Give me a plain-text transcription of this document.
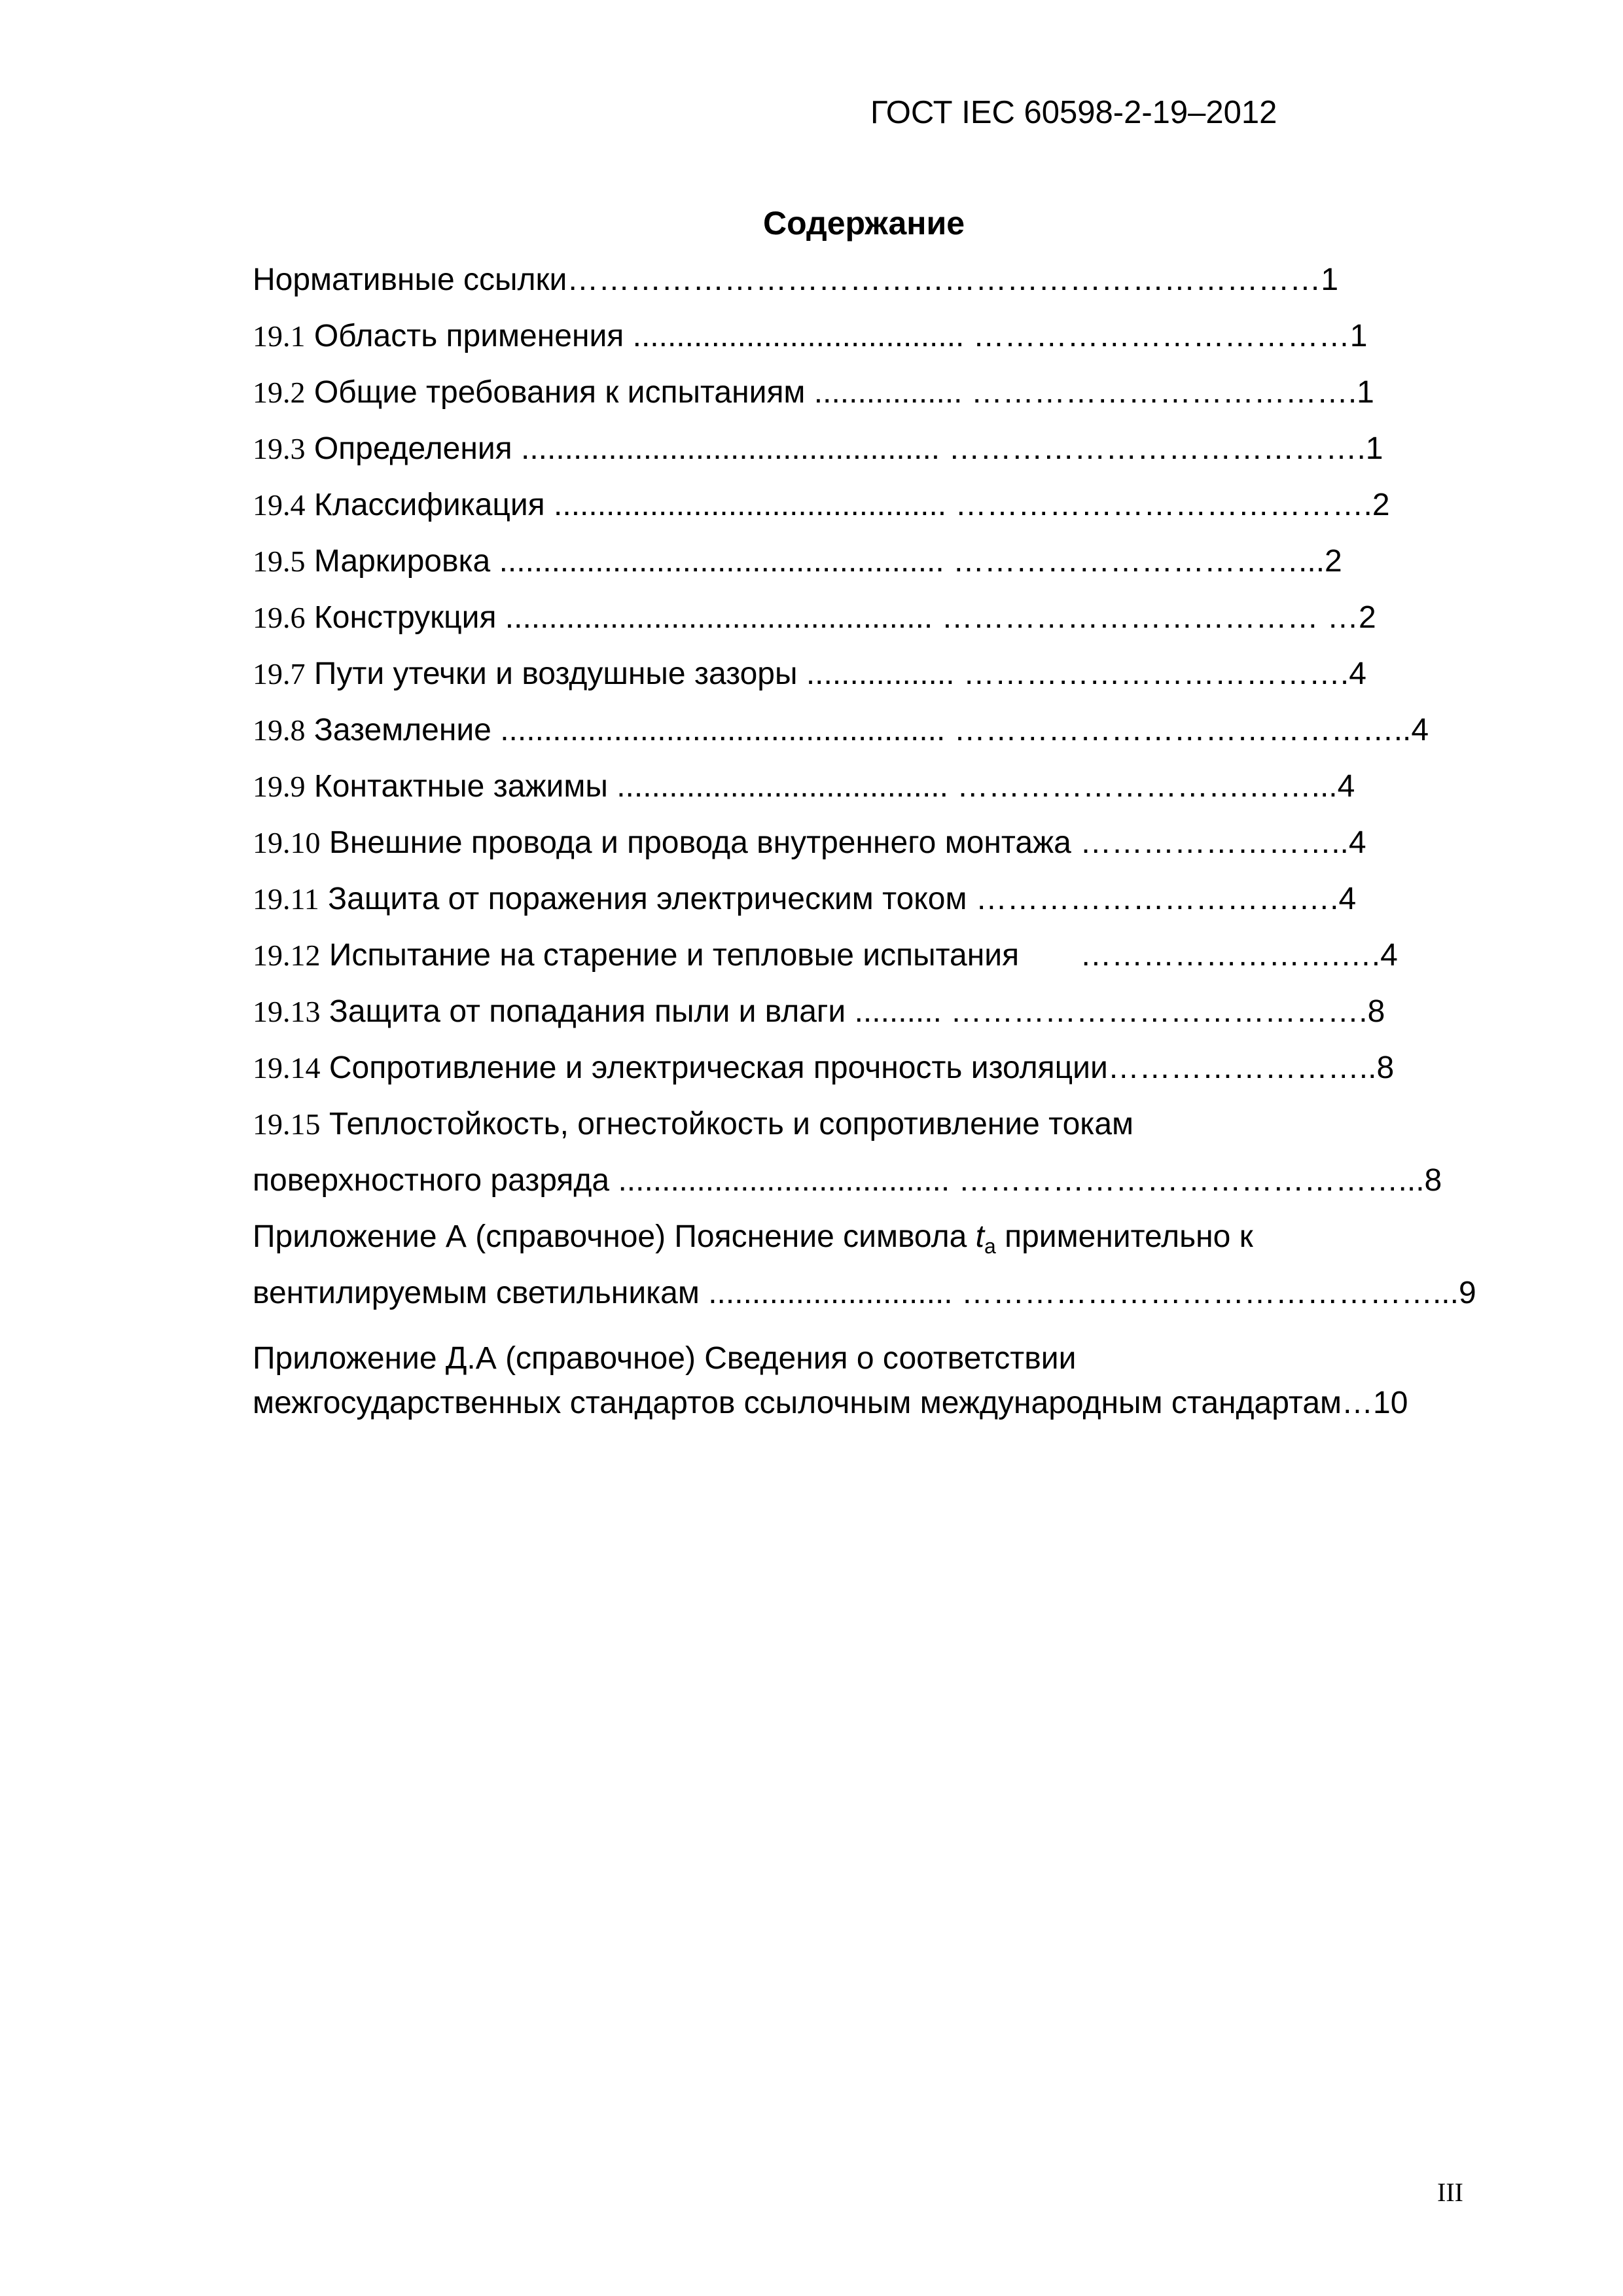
ГОСТ IEC 60598-2-19–2012
Содержание
Нормативные ссылки………………………………………………………………1
19.1 Область применения ...................................... ………………………………1
19.2 Общие требования к испытаниям ................. ……………………………….1
19.3 Определения ................................................ ………………………………….1
19.4 Классификация ............................................. ………………………………….2
19.5 Маркировка ................................................... ……………………………...2
19.6 Конструкция ................................................. ……………………………… …2
19.7 Пути утечки и воздушные зазоры ................. ……………………………….4
19.8 Заземление ................................................... ……………………………………..4
19.9 Контактные зажимы ...................................... ……………………….……...4
19.10 Внешние провода и провода внутреннего монтажа ……………………..4
19.11 Защита от поражения электрическим током ………………………….….4
19.12 Испытание на старение и тепловые испытания       …………………….….4
19.13 Защита от попадания пыли и влаги .......... ………………………………….8
19.14 Сопротивление и электрическая прочность изоляции……………………..8
19.15 Теплостойкость, огнестойкость и сопротивление токам
поверхностного разряда ...................................... ……………………………………...8
Приложение А (справочное) Пояснение символа $t_a$ применительно к
вентилируемым светильникам ............................ ………………………………………...9
Приложение Д.А (справочное) Сведения о соответствии
межгосударственных стандартов ссылочным международным стандартам…10
III
